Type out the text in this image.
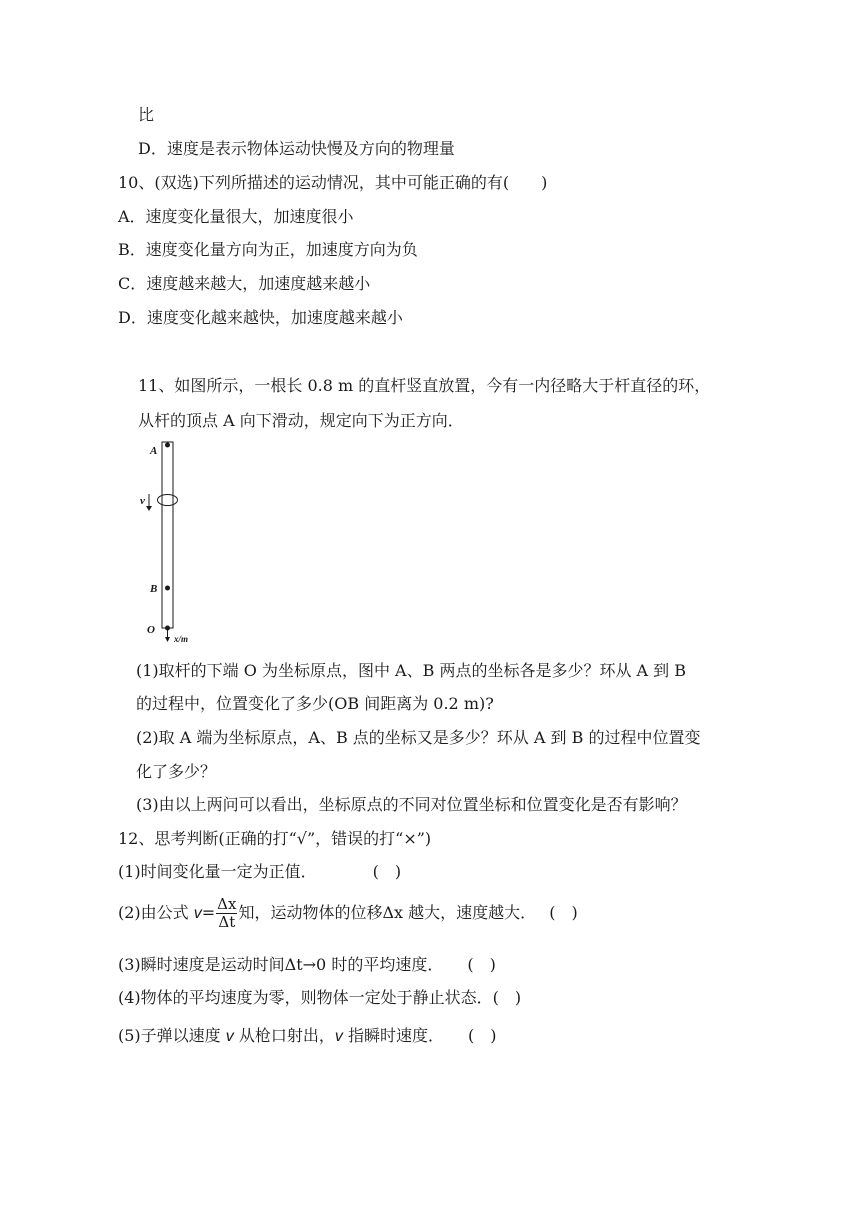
比
D．速度是表示物体运动快慢及方向的物理量
10、(双选)下列所描述的运动情况，其中可能正确的有(　　)
A．速度变化量很大，加速度很小
B．速度变化量方向为正，加速度方向为负
C．速度越来越大，加速度越来越小
D．速度变化越来越快，加速度越来越小
11、如图所示，一根长 0.8 m 的直杆竖直放置，今有一内径略大于杆直径的环，
从杆的顶点 A 向下滑动，规定向下为正方向．
A
v
B
O
x/m
(1)取杆的下端 O 为坐标原点，图中 A、B 两点的坐标各是多少？环从 A 到 B
的过程中，位置变化了多少(OB 间距离为 0.2 m)?
(2)取 A 端为坐标原点，A、B 点的坐标又是多少？环从 A 到 B 的过程中位置变
化了多少？
(3)由以上两问可以看出，坐标原点的不同对位置坐标和位置变化是否有影响？
12、思考判断(正确的打“√”，错误的打“×”)
(1)时间变化量一定为正值．　　　　(　)
(2)由公式 $v= \frac{\Delta x}{\Delta t}$ 知，运动物体的位移Δx 越大，速度越大．　 (　)
(3)瞬时速度是运动时间Δt→0 时的平均速度．　　(　)
(4)物体的平均速度为零，则物体一定处于静止状态．(　)
(5)子弹以速度 v 从枪口射出，v 指瞬时速度．　　(　)
